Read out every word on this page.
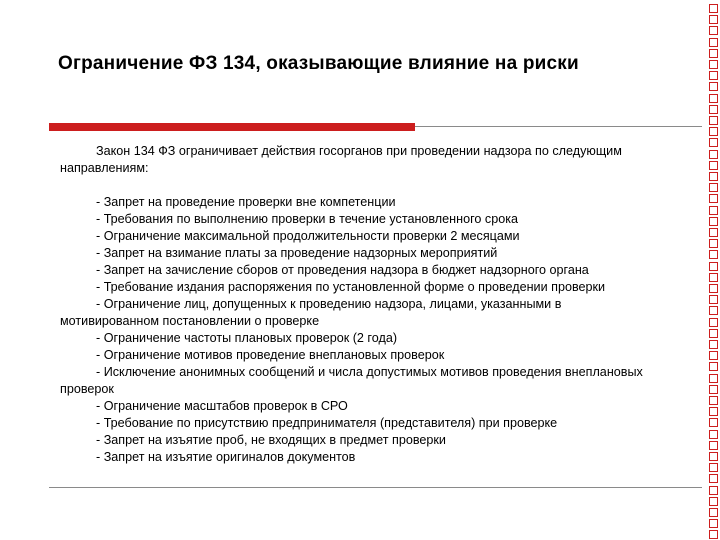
Ограничение ФЗ 134, оказывающие влияние на риски

Закон 134 ФЗ ограничивает действия госорганов при проведении надзора по следующим направлениям:

- Запрет на проведение проверки вне компетенции
- Требования по выполнению проверки в течение установленного срока
- Ограничение максимальной продолжительности проверки 2 месяцами
- Запрет на взимание платы за проведение надзорных мероприятий
- Запрет на зачисление сборов от проведения надзора в бюджет надзорного органа
- Требование издания распоряжения по установленной форме о проведении проверки
- Ограничение лиц, допущенных к проведению надзора, лицами, указанными в мотивированном постановлении о проверке
- Ограничение частоты плановых проверок (2 года)
- Ограничение мотивов проведение внеплановых проверок
- Исключение анонимных сообщений и числа допустимых мотивов проведения внеплановых проверок
- Ограничение масштабов проверок в СРО
- Требование по присутствию предпринимателя (представителя) при проверке
- Запрет на изъятие проб, не входящих в предмет проверки
- Запрет на изъятие оригиналов документов
